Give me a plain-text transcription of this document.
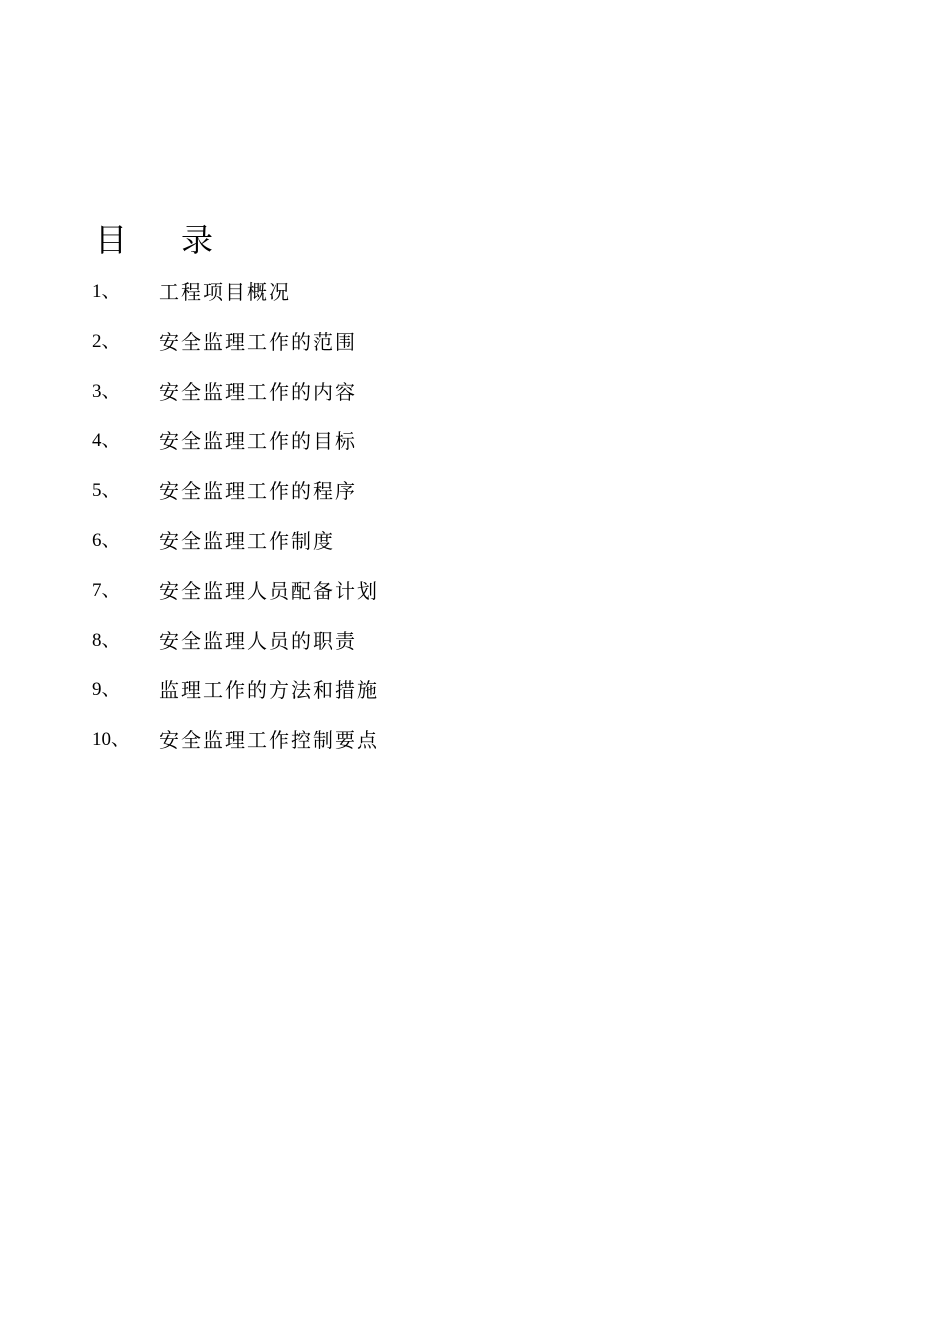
目 录
1、 工程项目概况
2、 安全监理工作的范围
3、 安全监理工作的内容
4、 安全监理工作的目标
5、 安全监理工作的程序
6、 安全监理工作制度
7、 安全监理人员配备计划
8、 安全监理人员的职责
9、 监理工作的方法和措施
10、 安全监理工作控制要点
